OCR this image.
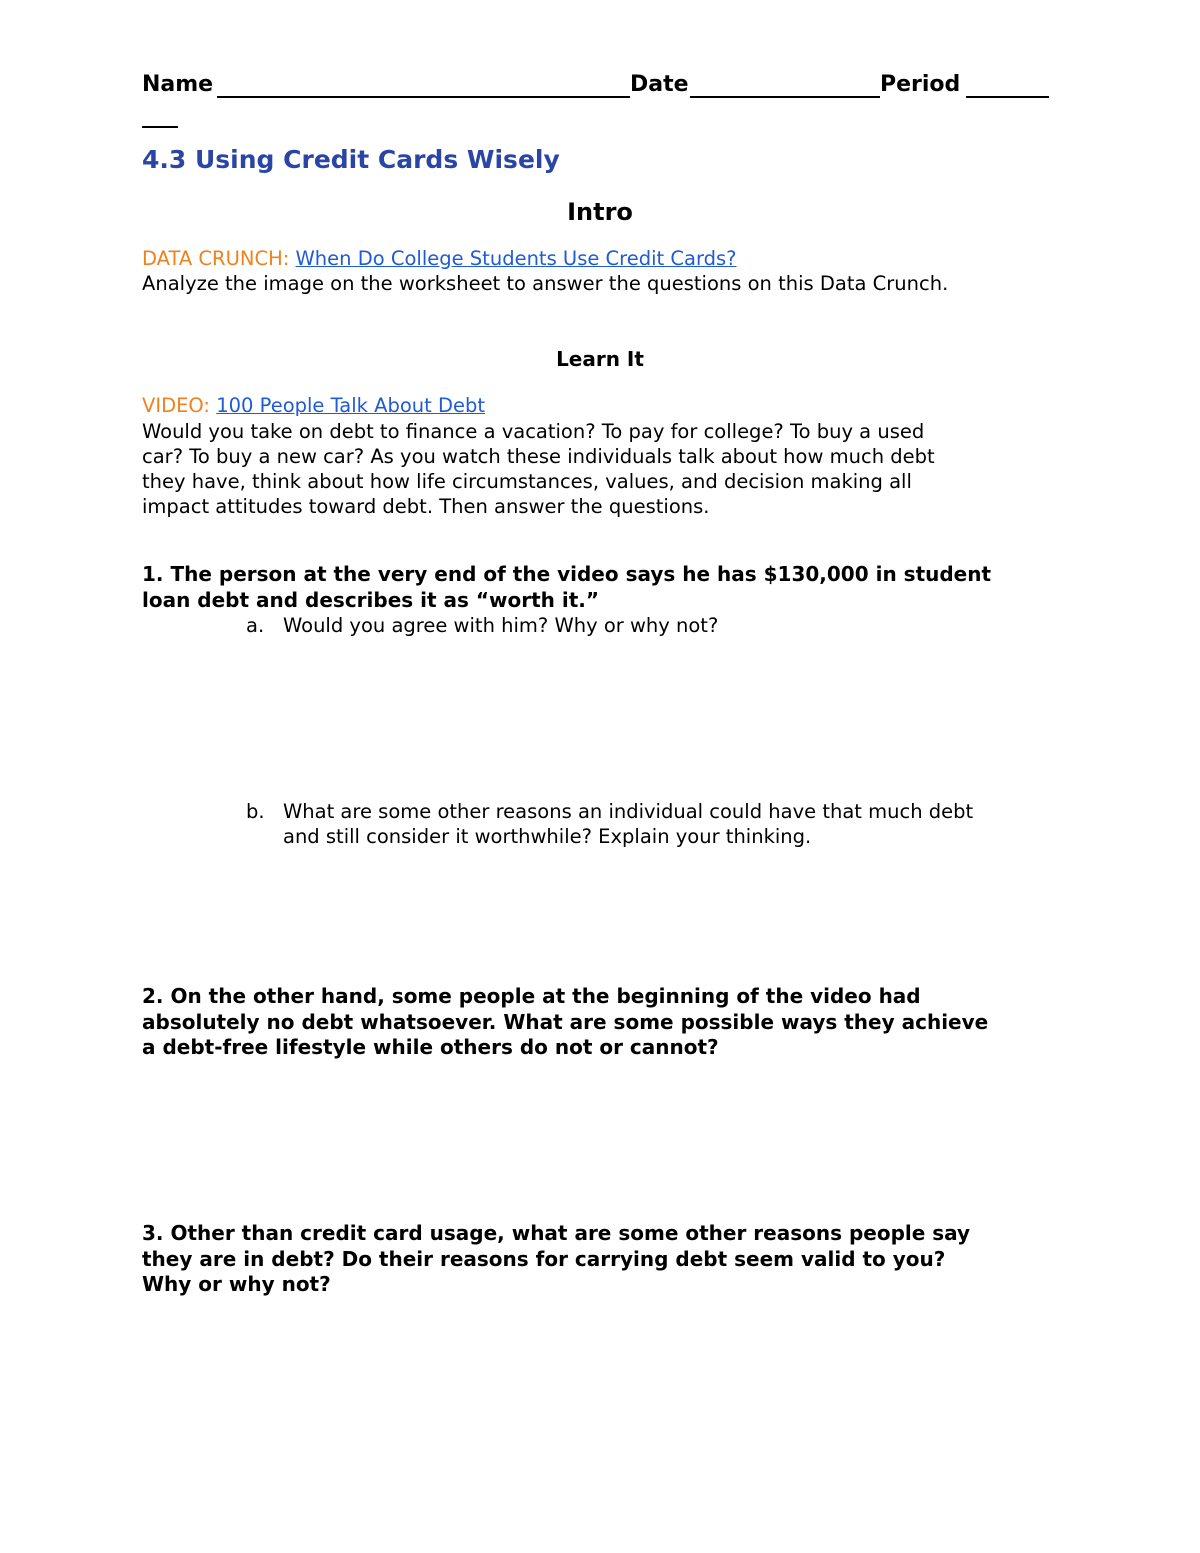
Name	Date	Period
4.3 Using Credit Cards Wisely
Intro
DATA CRUNCH: When Do College Students Use Credit Cards?
Analyze the image on the worksheet to answer the questions on this Data Crunch.
Learn It
VIDEO: 100 People Talk About Debt
Would you take on debt to finance a vacation? To pay for college? To buy a used
car? To buy a new car? As you watch these individuals talk about how much debt
they have, think about how life circumstances, values, and decision making all
impact attitudes toward debt. Then answer the questions.
1. The person at the very end of the video says he has $130,000 in student
loan debt and describes it as “worth it.”
a. Would you agree with him? Why or why not?
b. What are some other reasons an individual could have that much debt
and still consider it worthwhile? Explain your thinking.
2. On the other hand, some people at the beginning of the video had
absolutely no debt whatsoever. What are some possible ways they achieve
a debt-free lifestyle while others do not or cannot?
3. Other than credit card usage, what are some other reasons people say
they are in debt? Do their reasons for carrying debt seem valid to you?
Why or why not?
